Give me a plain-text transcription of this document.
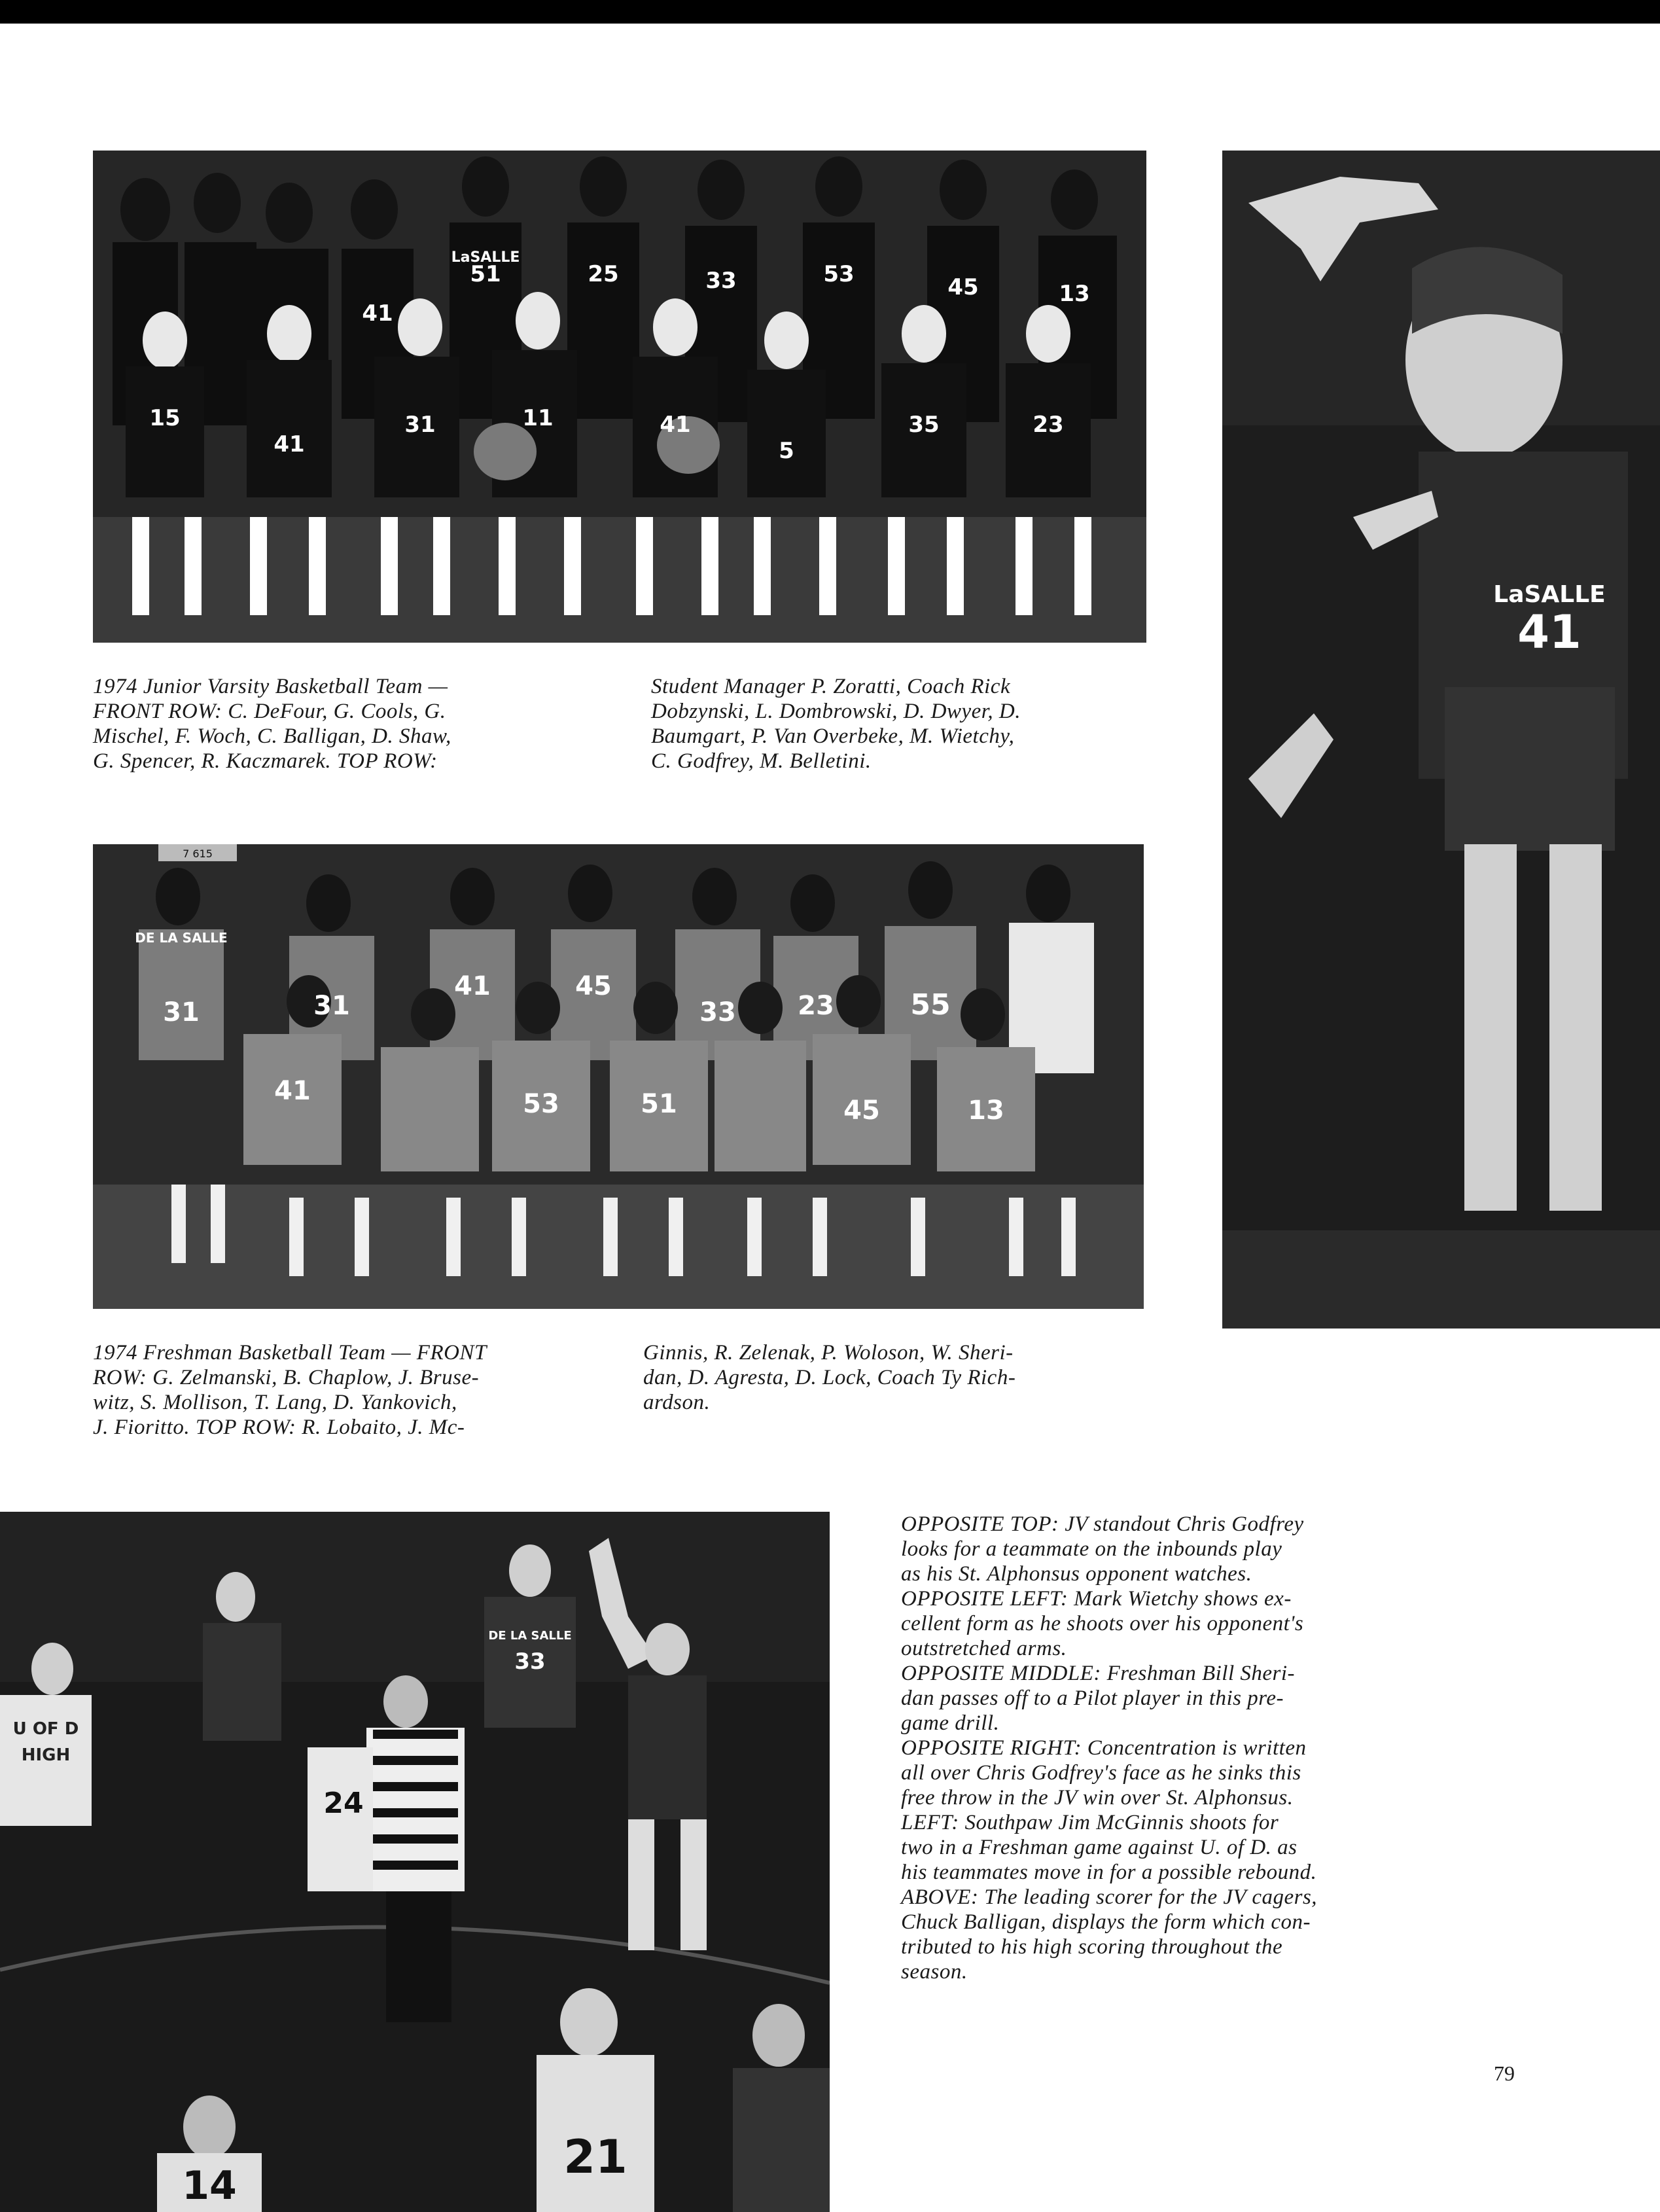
LaSALLE
51	25	33	53	45	13
41
15
41
31	11	41
5
35	23
LaSALLE
41
1974 Junior Varsity Basketball Team —
FRONT ROW: C. DeFour, G. Cools, G.
Mischel, F. Woch, C. Balligan, D. Shaw,
G. Spencer, R. Kaczmarek. TOP ROW:
Student Manager P. Zoratti, Coach Rick
Dobzynski, L. Dombrowski, D. Dwyer, D.
Baumgart, P. Van Overbeke, M. Wietchy,
C. Godfrey, M. Belletini.
7 615
DE LA SALLE
31	31
41	45
33 23	55
41	53	51	45	13
1974 Freshman Basketball Team — FRONT
ROW: G. Zelmanski, B. Chaplow, J. Bruse-
witz, S. Mollison, T. Lang, D. Yankovich,
J. Fioritto. TOP ROW: R. Lobaito, J. Mc-
Ginnis, R. Zelenak, P. Woloson, W. Sheri-
dan, D. Agresta, D. Lock, Coach Ty Rich-
ardson.
DE LA SALLE
33
U OF D
HIGH
24
14
21
OPPOSITE TOP: JV standout Chris Godfrey
looks for a teammate on the inbounds play
as his St. Alphonsus opponent watches.
OPPOSITE LEFT: Mark Wietchy shows ex-
cellent form as he shoots over his opponent's
outstretched arms.
OPPOSITE MIDDLE: Freshman Bill Sheri-
dan passes off to a Pilot player in this pre-
game drill.
OPPOSITE RIGHT: Concentration is written
all over Chris Godfrey's face as he sinks this
free throw in the JV win over St. Alphonsus.
LEFT: Southpaw Jim McGinnis shoots for
two in a Freshman game against U. of D. as
his teammates move in for a possible rebound.
ABOVE: The leading scorer for the JV cagers,
Chuck Balligan, displays the form which con-
tributed to his high scoring throughout the
season.
79
